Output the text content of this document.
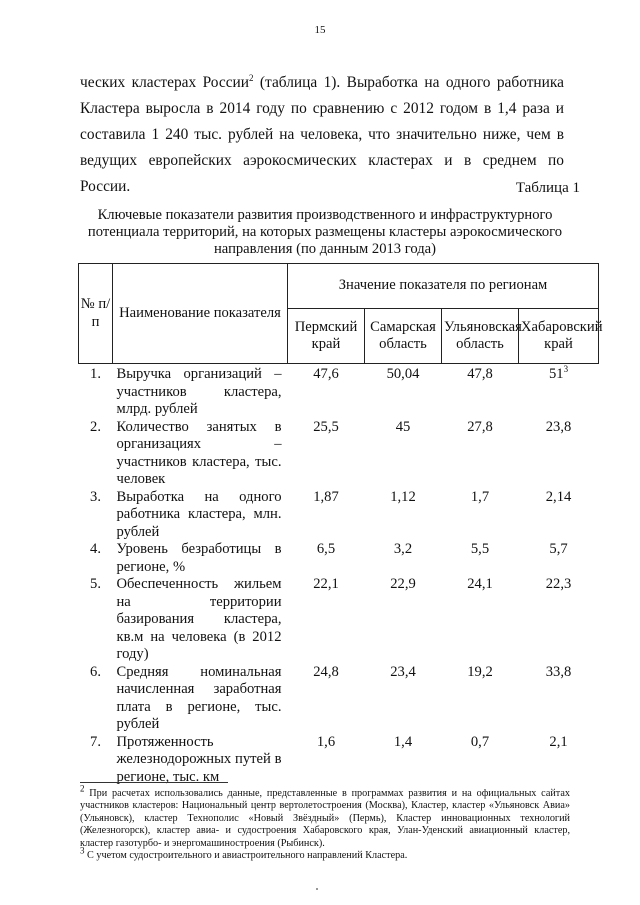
15

ческих кластерах России$^2$ (таблица 1). Выработка на одного работника Кластера выросла в 2014 году по сравнению с 2012 годом в 1,4 раза и составила 1 240 тыс. рублей на человека, что значительно ниже, чем в ведущих европейских аэрокосмических кластерах и в среднем по России.	Таблица 1
Ключевые показатели развития производственного и инфраструктурного потенциала территорий, на которых размещены кластеры аэрокосмического направления (по данным 2013 года)
№ п/п	Наименование показателя	Значение показателя по регионам			
		Пермский край	Самарская область	Ульяновская область	Хабаровский край
1.	Выручка организаций – участников кластера, млрд. рублей	47,6	50,04	47,8	$51^3$
2.	Количество занятых в организациях – участников кластера, тыс. человек	25,5	45	27,8	23,8
3.	Выработка на одного работника кластера, млн. рублей	1,87	1,12	1,7	2,14
4.	Уровень безработицы в регионе, %	6,5	3,2	5,5	5,7
5.	Обеспеченность жильем на территории базирования кластера, кв.м на человека (в 2012 году)	22,1	22,9	24,1	22,3
6.	Средняя номинальная начисленная заработная плата в регионе, тыс. рублей	24,8	23,4	19,2	33,8
7.	Протяженность железнодорожных путей в регионе, тыс. км	1,6	1,4	0,7	2,1

$^2$ При расчетах использовались данные, представленные в программах развития и на официальных сайтах участников кластеров: Национальный центр вертолетостроения (Москва), Кластер, кластер «Ульяновск Авиа» (Ульяновск), кластер Технополис «Новый Звёздный» (Пермь), Кластер инновационных технологий (Железногорск), кластер авиа- и судостроения Хабаровского края, Улан-Уденский авиационный кластер, кластер газотурбо- и энергомашиностроения (Рыбинск).

$^3$ С учетом судостроительного и авиастроительного направлений Кластера.
